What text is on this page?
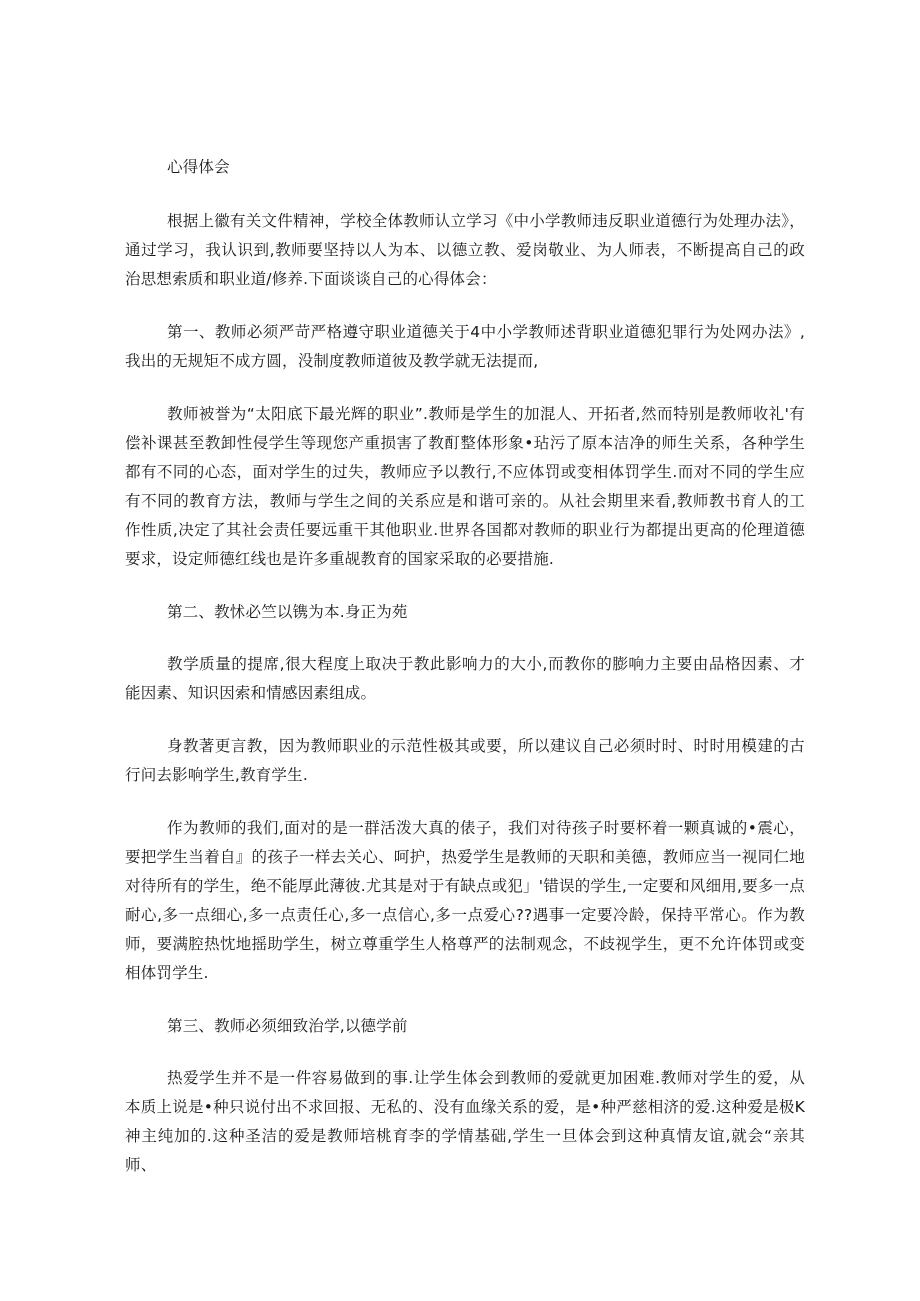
心得体会

根据上徽有关文件精神，学校全体教师认立学习《中小学教师违反职业道德行为处理办法》，通过学习，我认识到,教师要坚持以人为本、以德立教、爱岗敬业、为人师表，不断提高自己的政治思想索质和职业道/修养.下面谈谈自己的心得体会：

第一、教师必须严苛严格遵守职业道德关于4中小学教师述背职业道德犯罪行为处网办法》,我出的无规矩不成方圆，没制度教师道彼及教学就无法提而,

教师被誉为“太阳底下最光辉的职业”.教师是学生的加混人、开拓者,然而特别是教师收礼'有偿补课甚至教卸性侵学生等现您产重损害了教酊整体形象•玷污了原本洁净的师生关系，各种学生都有不同的心态，面对学生的过失，教师应予以教行,不应体罚或变相体罚学生.而对不同的学生应有不同的教育方法，教师与学生之间的关系应是和谐可亲的。从社会期里来看,教师教书育人的工作性质,决定了其社会责任要远重干其他职业.世界各国都对教师的职业行为都提出更高的伦理道德要求，设定师德红线也是许多重觇教育的国家采取的必要措施.

第二、教怵必竺以镌为本.身正为苑

教学质量的提席,很大程度上取决于教此影响力的大小,而教你的膨响力主要由品格因素、才能因素、知识因索和情感因素组成。

身教著更言教，因为教师职业的示范性极其或要，所以建议自己必须时时、时时用模建的古行问去影响学生,教育学生.

作为教师的我们,面对的是一群活泼大真的俵子，我们对待孩子时要杯着一颗真诚的•震心，要把学生当着自』的孩子一样去关心、呵护，热爱学生是教师的天职和美德，教师应当一视同仁地对待所有的学生，绝不能厚此薄彼.尤其是对于有缺点或犯」'错误的学生,一定要和风细用,要多一点耐心,多一点细心,多一点责任心,多一点信心,多一点爱心??遇事一定要冷龄，保持平常心。作为教师，要满腔热忱地摇助学生，树立尊重学生人格尊严的法制观念，不歧视学生，更不允许体罚或变相体罚学生.

第三、教师必须细致治学,以德学前

热爱学生并不是一件容易做到的事.让学生体会到教师的爱就更加困难.教师对学生的爱，从本质上说是•种只说付出不求回报、无私的、没有血缘关系的爱，是•种严慈相济的爱.这种爱是极K神主纯加的.这种圣洁的爱是教师培桃育李的学情基础,学生一旦体会到这种真情友谊,就会“亲其师、
